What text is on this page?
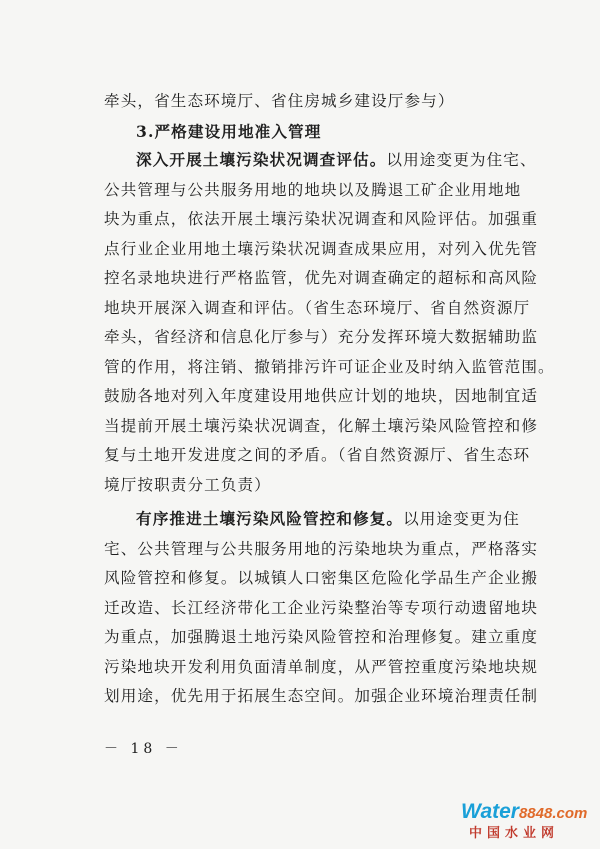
牵头，省生态环境厅、省住房城乡建设厅参与）
3.严格建设用地准入管理
深入开展土壤污染状况调查评估。以用途变更为住宅、
公共管理与公共服务用地的地块以及腾退工矿企业用地地
块为重点，依法开展土壤污染状况调查和风险评估。加强重
点行业企业用地土壤污染状况调查成果应用，对列入优先管
控名录地块进行严格监管，优先对调查确定的超标和高风险
地块开展深入调查和评估。（省生态环境厅、省自然资源厅
牵头，省经济和信息化厅参与）充分发挥环境大数据辅助监
管的作用，将注销、撤销排污许可证企业及时纳入监管范围。
鼓励各地对列入年度建设用地供应计划的地块，因地制宜适
当提前开展土壤污染状况调查，化解土壤污染风险管控和修
复与土地开发进度之间的矛盾。（省自然资源厅、省生态环
境厅按职责分工负责）
有序推进土壤污染风险管控和修复。以用途变更为住
宅、公共管理与公共服务用地的污染地块为重点，严格落实
风险管控和修复。以城镇人口密集区危险化学品生产企业搬
迁改造、长江经济带化工企业污染整治等专项行动遗留地块
为重点，加强腾退土地污染风险管控和治理修复。建立重度
污染地块开发利用负面清单制度，从严管控重度污染地块规
划用途，优先用于拓展生态空间。加强企业环境治理责任制
－ 18 －
Water8848.com
中国水业网
